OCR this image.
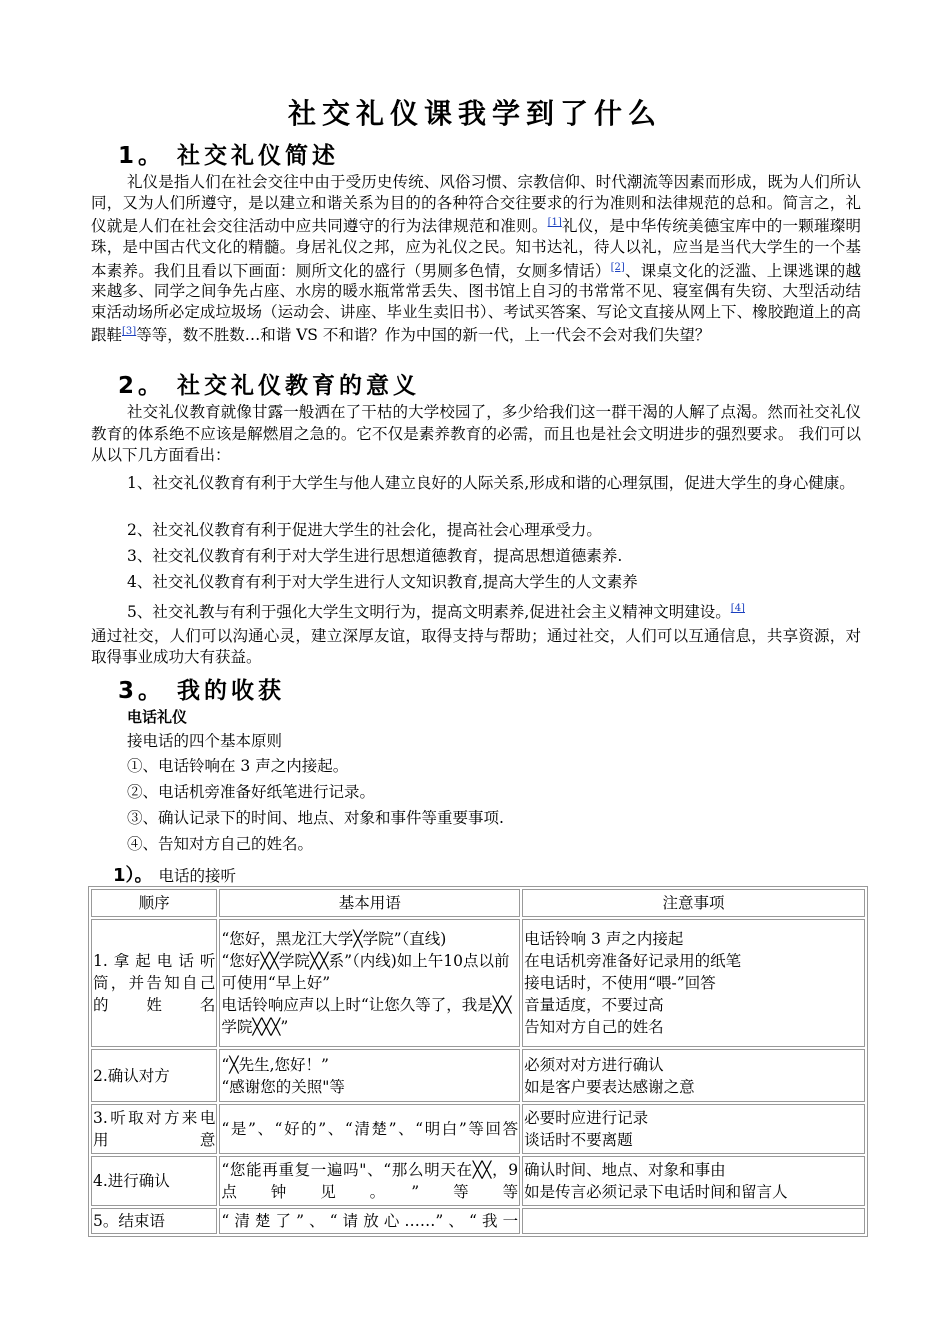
社交礼仪课我学到了什么
1。 社交礼仪简述
礼仪是指人们在社会交往中由于受历史传统、风俗习惯、宗教信仰、时代潮流等因素而形成，既为人们所认同，又为人们所遵守，是以建立和谐关系为目的的各种符合交往要求的行为准则和法律规范的总和。简言之，礼仪就是人们在社会交往活动中应共同遵守的行为法律规范和准则。[1]礼仪，是中华传统美德宝库中的一颗璀璨明珠，是中国古代文化的精髓。身居礼仪之邦，应为礼仪之民。知书达礼，待人以礼，应当是当代大学生的一个基本素养。我们且看以下画面：厕所文化的盛行（男厕多色情，女厕多情话）[2]、课桌文化的泛滥、上课逃课的越来越多、同学之间争先占座、水房的暖水瓶常常丢失、图书馆上自习的书常常不见、寝室偶有失窃、大型活动结束活动场所必定成垃圾场（运动会、讲座、毕业生卖旧书）、考试买答案、写论文直接从网上下、橡胶跑道上的高跟鞋[3]等等，数不胜数…和谐 VS 不和谐？作为中国的新一代，上一代会不会对我们失望？
2。 社交礼仪教育的意义
社交礼仪教育就像甘露一般洒在了干枯的大学校园了，多少给我们这一群干渴的人解了点渴。然而社交礼仪教育的体系绝不应该是解燃眉之急的。它不仅是素养教育的必需，而且也是社会文明进步的强烈要求。 我们可以从以下几方面看出：
1、社交礼仪教育有利于大学生与他人建立良好的人际关系,形成和谐的心理氛围，促进大学生的身心健康。
2、社交礼仪教育有利于促进大学生的社会化，提高社会心理承受力。
3、社交礼仪教育有利于对大学生进行思想道德教育，提高思想道德素养.
4、社交礼仪教育有利于对大学生进行人文知识教育,提高大学生的人文素养
5、社交礼教与有利于强化大学生文明行为，提高文明素养,促进社会主义精神文明建设。[4]
通过社交，人们可以沟通心灵，建立深厚友谊，取得支持与帮助；通过社交，人们可以互通信息，共享资源，对取得事业成功大有获益。
3。 我的收获
电话礼仪
接电话的四个基本原则
①、电话铃响在 3 声之内接起。
②、电话机旁准备好纸笔进行记录。
③、确认记录下的时间、地点、对象和事件等重要事项.
④、告知对方自己的姓名。
1）。 电话的接听
顺序	基本用语	注意事项

1.拿起电话听筒，并告知自己的姓名	“您好，黑龙江大学╳学院”（直线)
“您好╳╳学院╳╳系”（内线)如上午10点以前可使用“早上好”
电话铃响应声以上时“让您久等了，我是╳╳学院╳╳╳”	电话铃响 3 声之内接起
在电话机旁准备好记录用的纸笔
接电话时，不使用“喂-”回答
音量适度，不要过高
告知对方自己的姓名

2.确认对方	“╳先生,您好！”
“感谢您的关照"等	必须对对方进行确认
如是客户要表达感谢之意

3.听取对方来电用意	“是”、“好的”、“清楚”、“明白”等回答	必要时应进行记录
谈话时不要离题

4.进行确认	“您能再重复一遍吗"、“那么明天在╳╳，9 点钟见。”等等	确认时间、地点、对象和事由
如是传言必须记录下电话时间和留言人

5。结束语	“清楚了”、“请放心……”、“我一	
